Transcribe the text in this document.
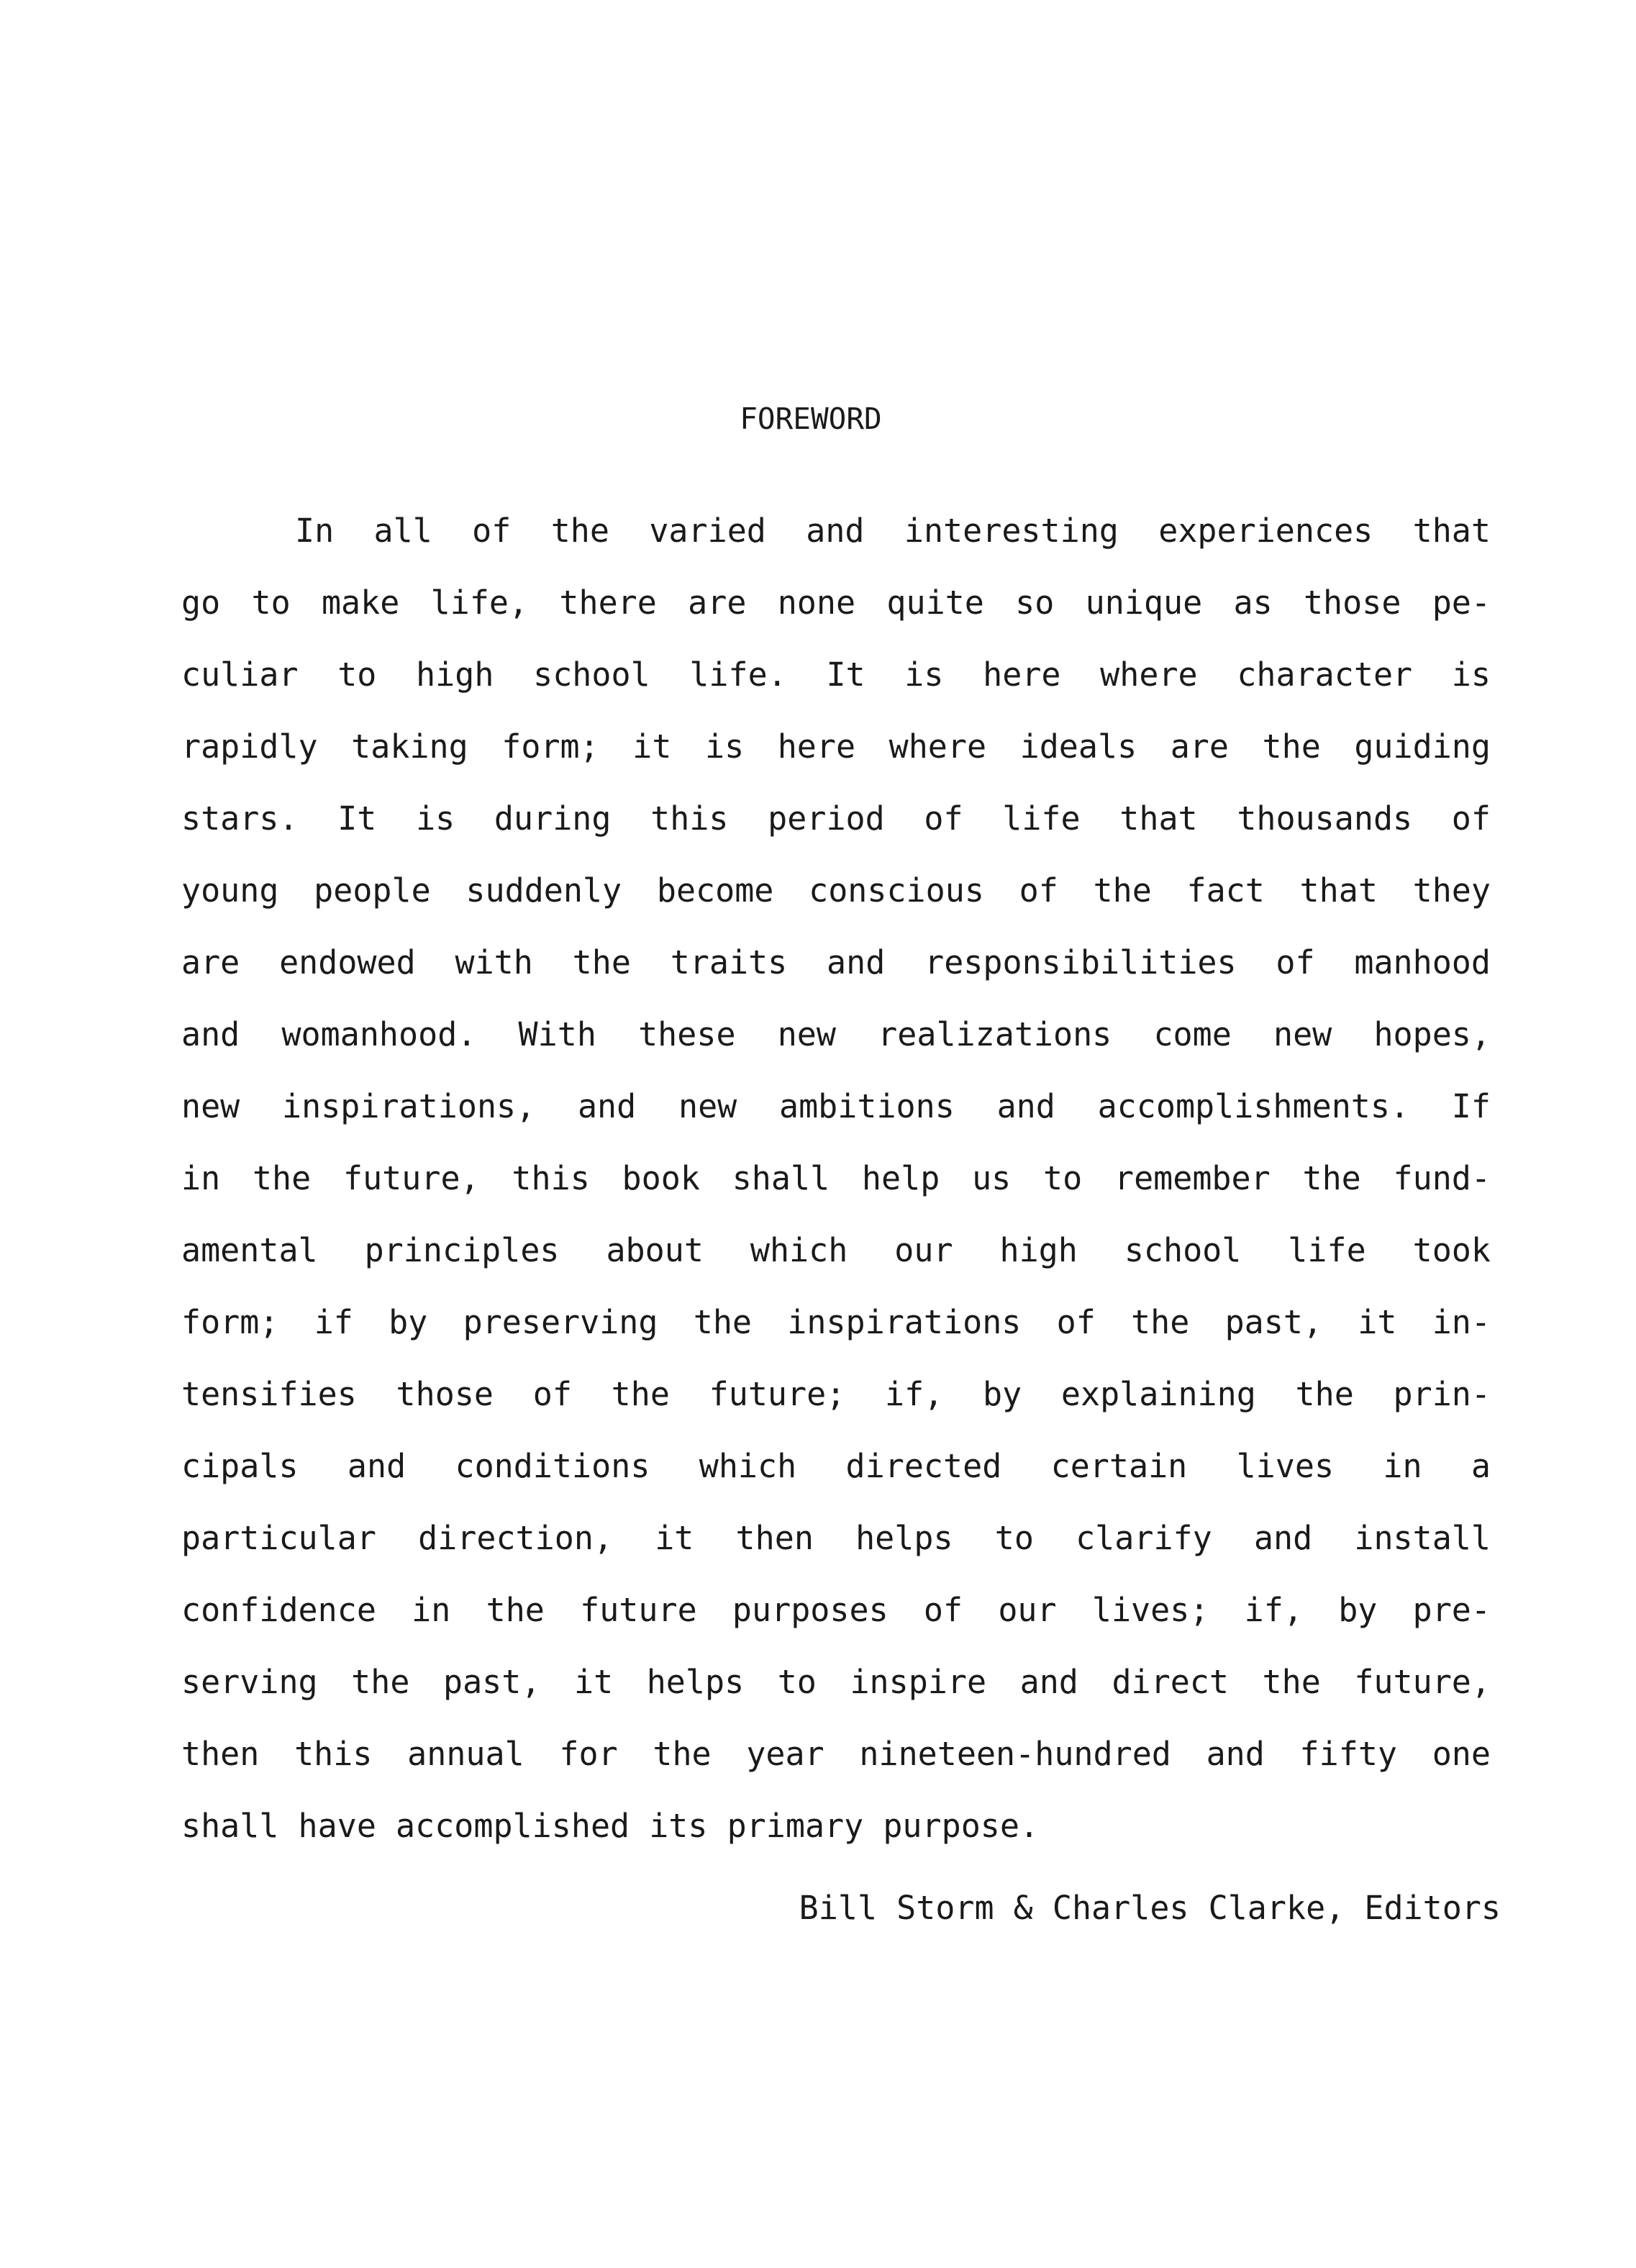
FOREWORD
In all of the varied and interesting experiences that
go to make life, there are none quite so unique as those pe-
culiar to high school life. It is here where character is
rapidly taking form; it is here where ideals are the guiding
stars. It is during this period of life that thousands of
young people suddenly become conscious of the fact that they
are endowed with the traits and responsibilities of manhood
and womanhood. With these new realizations come new hopes,
new inspirations, and new ambitions and accomplishments. If
in the future, this book shall help us to remember the fund-
amental principles about which our high school life took
form; if by preserving the inspirations of the past, it in-
tensifies those of the future; if, by explaining the prin-
cipals and conditions which directed certain lives in a
particular direction, it then helps to clarify and install
confidence in the future purposes of our lives; if, by pre-
serving the past, it helps to inspire and direct the future,
then this annual for the year nineteen-hundred and fifty one
shall have accomplished its primary purpose.
Bill Storm & Charles Clarke, Editors
